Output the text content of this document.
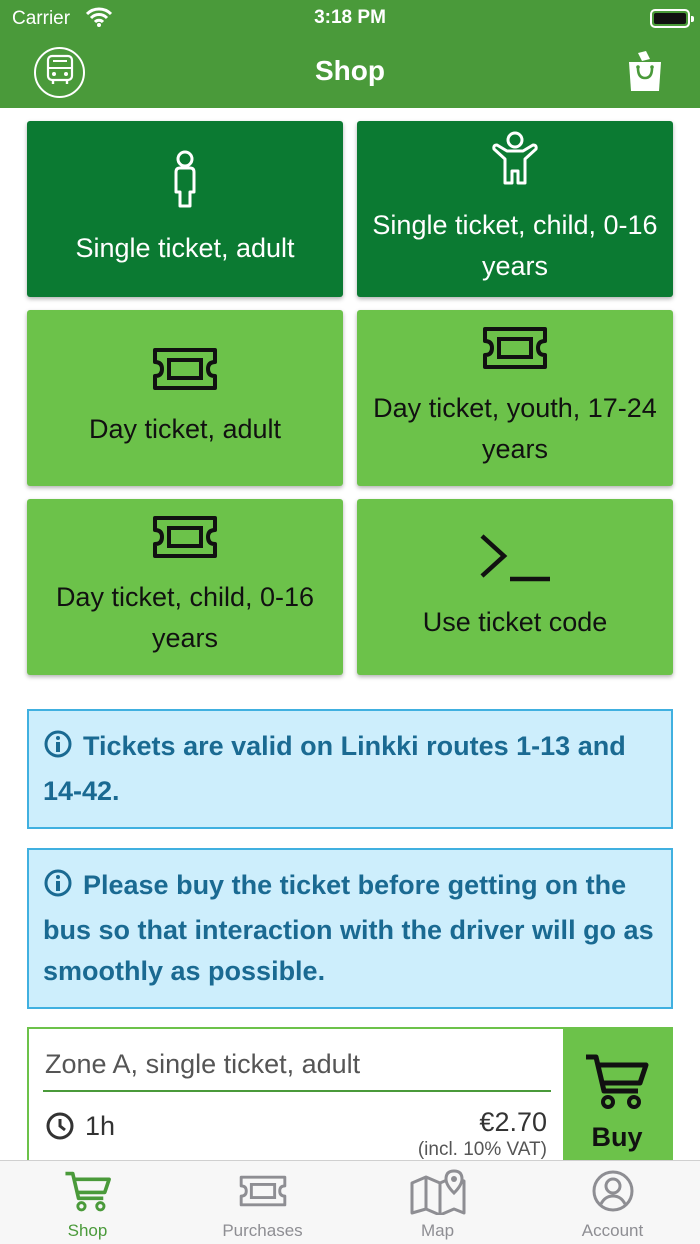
Carrier	3:18 PM
Shop
Single ticket, adult
Single ticket, child, 0-16 years
Day ticket, adult
Day ticket, youth, 17-24 years
Day ticket, child, 0-16 years
Use ticket code
Tickets are valid on Linkki routes 1-13 and 14-42.
Please buy the ticket before getting on the bus so that interaction with the driver will go as smoothly as possible.
Zone A, single ticket, adult
1h	€2.70
(incl. 10% VAT) Buy
Shop	Purchases	Map	Account
